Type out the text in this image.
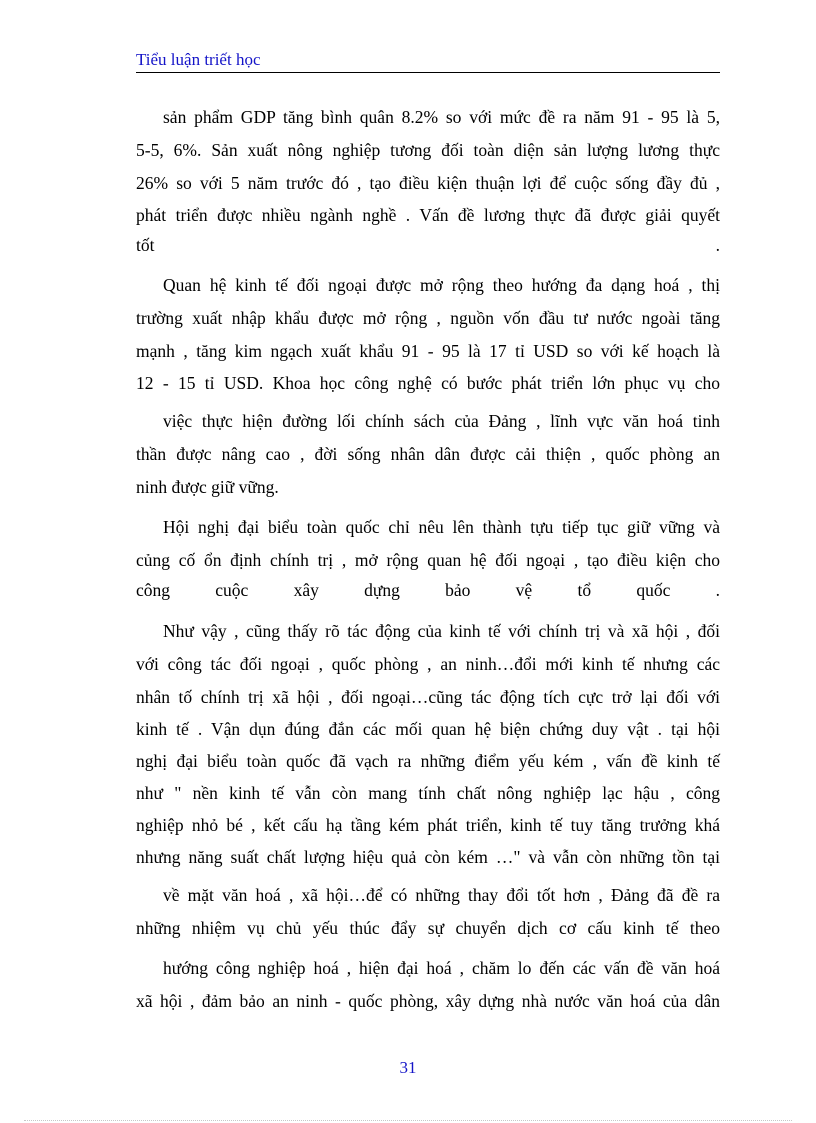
Tiểu luận triết học
sản phẩm GDP tăng bình quân 8.2% so với mức đề ra năm 91 - 95 là 5,
5-5, 6%. Sản xuất nông nghiệp tương đối toàn diện sản lượng lương thực
26% so với 5 năm trước đó , tạo điều kiện thuận lợi để cuộc sống đầy đủ ,
phát triển được nhiều ngành nghề . Vấn đề lương thực đã được giải quyết
tốt .
Quan hệ kinh tế đối ngoại được mở rộng theo hướng đa dạng hoá , thị
trường xuất nhập khẩu được mở rộng , nguồn vốn đầu tư nước ngoài tăng
mạnh , tăng kim ngạch xuất khẩu 91 - 95 là 17 tỉ USD so với kế hoạch là
12 - 15 tỉ USD. Khoa học công nghệ có bước phát triển lớn phục vụ cho
việc thực hiện đường lối chính sách của Đảng , lĩnh vực văn hoá tinh
thần được nâng cao , đời sống nhân dân được cải thiện , quốc phòng an
ninh được giữ vững.
Hội nghị đại biểu toàn quốc chỉ nêu lên thành tựu tiếp tục giữ vững và
củng cố ổn định chính trị , mở rộng quan hệ đối ngoại , tạo điều kiện cho
công cuộc xây dựng bảo vệ tổ quốc .
Như vậy , cũng thấy rõ tác động của kinh tế với chính trị và xã hội , đối
với công tác đối ngoại , quốc phòng , an ninh…đổi mới kinh tế nhưng các
nhân tố chính trị xã hội , đối ngoại…cũng tác động tích cực trở lại đối với
kinh tế . Vận dụn đúng đắn các mối quan hệ biện chứng duy vật . tại hội
nghị đại biểu toàn quốc đã vạch ra những điểm yếu kém , vấn đề kinh tế
như " nền kinh tế vẫn còn mang tính chất nông nghiệp lạc hậu , công
nghiệp nhỏ bé , kết cấu hạ tầng kém phát triển, kinh tế tuy tăng trưởng khá
nhưng năng suất chất lượng hiệu quả còn kém …" và vẫn còn những tồn tại
về mặt văn hoá , xã hội…để có những thay đổi tốt hơn , Đảng đã đề ra
những nhiệm vụ chủ yếu thúc đẩy sự chuyển dịch cơ cấu kinh tế theo
hướng công nghiệp hoá , hiện đại hoá , chăm lo đến các vấn đề văn hoá
xã hội , đảm bảo an ninh - quốc phòng, xây dựng nhà nước văn hoá của dân
31
